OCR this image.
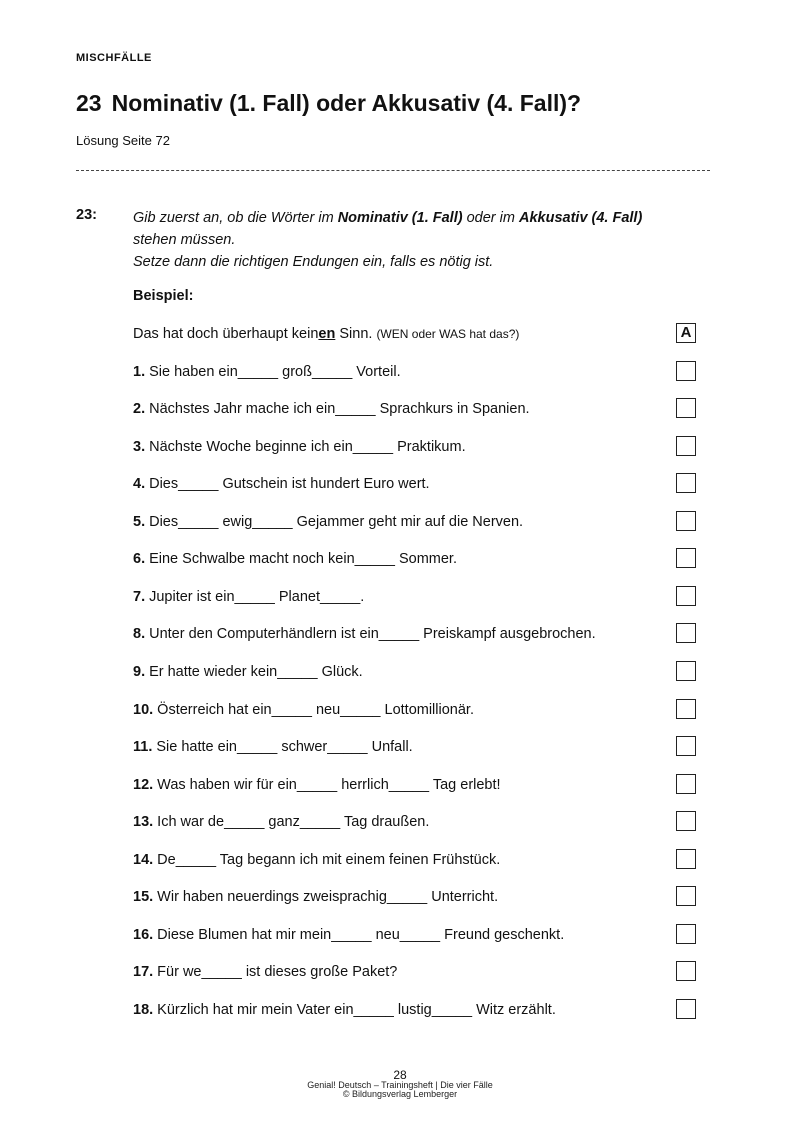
MISCHFÄLLE
23 Nominativ (1. Fall) oder Akkusativ (4. Fall)?
Lösung Seite 72
23: Gib zuerst an, ob die Wörter im Nominativ (1. Fall) oder im Akkusativ (4. Fall)
stehen müssen.
Setze dann die richtigen Endungen ein, falls es nötig ist.
Beispiel:
Das hat doch überhaupt keinen Sinn. (WEN oder WAS hat das?)	A
1. Sie haben ein_____ groß_____ Vorteil.
2. Nächstes Jahr mache ich ein_____ Sprachkurs in Spanien.
3. Nächste Woche beginne ich ein_____ Praktikum.
4. Dies_____ Gutschein ist hundert Euro wert.
5. Dies_____ ewig_____ Gejammer geht mir auf die Nerven.
6. Eine Schwalbe macht noch kein_____ Sommer.
7. Jupiter ist ein_____ Planet_____.
8. Unter den Computerhändlern ist ein_____ Preiskampf ausgebrochen.
9. Er hatte wieder kein_____ Glück.
10. Österreich hat ein_____ neu_____ Lottomillionär.
11. Sie hatte ein_____ schwer_____ Unfall.
12. Was haben wir für ein_____ herrlich_____ Tag erlebt!
13. Ich war de_____ ganz_____ Tag draußen.
14. De_____ Tag begann ich mit einem feinen Frühstück.
15. Wir haben neuerdings zweisprachig_____ Unterricht.
16. Diese Blumen hat mir mein_____ neu_____ Freund geschenkt.
17. Für we_____ ist dieses große Paket?
18. Kürzlich hat mir mein Vater ein_____ lustig_____ Witz erzählt.
28
Genial! Deutsch – Trainingsheft | Die vier Fälle
© Bildungsverlag Lemberger
